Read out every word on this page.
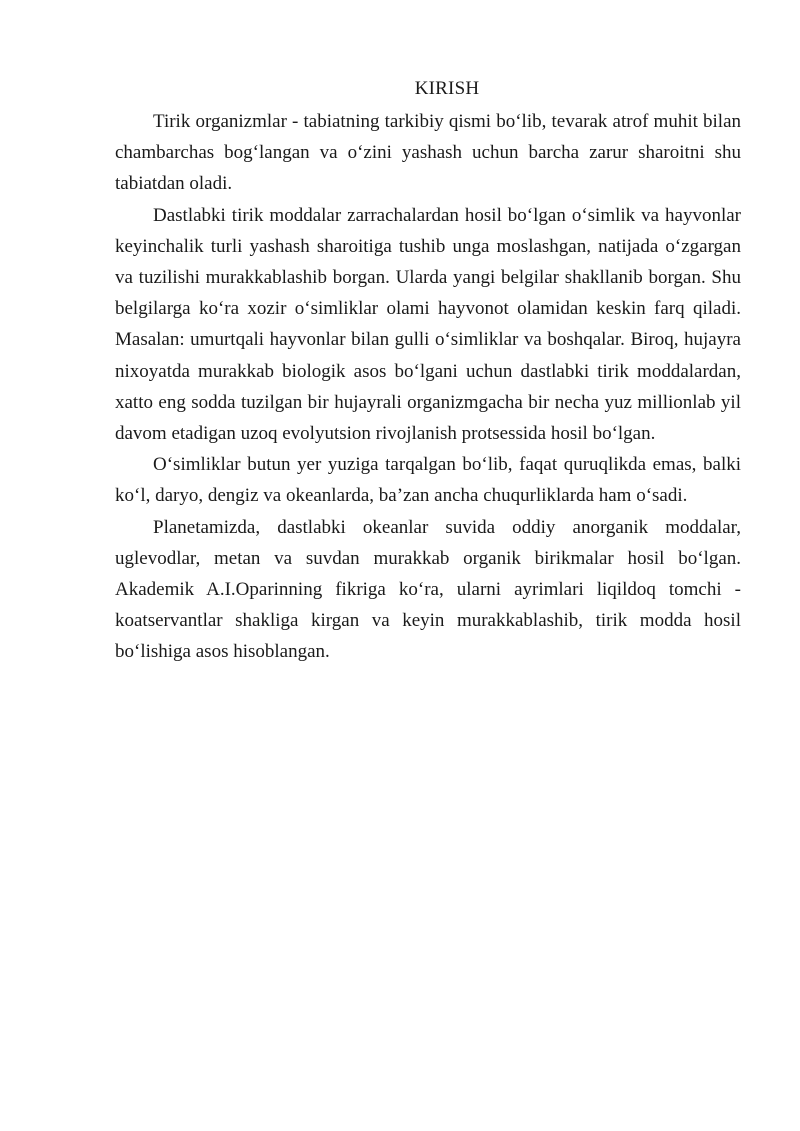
KIRISH

Tirik organizmlar - tabiatning tarkibiy qismi bo‘lib, tevarak atrof muhit bilan chambarchas bog‘langan va o‘zini yashash uchun barcha zarur sharoitni shu tabiatdan oladi.

Dastlabki tirik moddalar zarrachalardan hosil bo‘lgan o‘simlik va hayvonlar keyinchalik turli yashash sharoitiga tushib unga moslashgan, natijada o‘zgargan va tuzilishi murakkablashib borgan. Ularda yangi belgilar shakllanib borgan. Shu belgilarga ko‘ra xozir o‘simliklar olami hayvonot olamidan keskin farq qiladi. Masalan: umurtqali hayvonlar bilan gulli o‘simliklar va boshqalar. Biroq, hujayra nixoyatda murakkab biologik asos bo‘lgani uchun dastlabki tirik moddalardan, xatto eng sodda tuzilgan bir hujayrali organizmgacha bir necha yuz millionlab yil davom etadigan uzoq evolyutsion rivojlanish protsessida hosil bo‘lgan.

O‘simliklar butun yer yuziga tarqalgan bo‘lib, faqat quruqlikda emas, balki ko‘l, daryo, dengiz va okeanlarda, ba’zan ancha chuqurliklarda ham o‘sadi.

Planetamizda, dastlabki okeanlar suvida oddiy anorganik moddalar, uglevodlar, metan va suvdan murakkab organik birikmalar hosil bo‘lgan. Akademik A.I.Oparinning fikriga ko‘ra, ularni ayrimlari liqildoq tomchi - koatservantlar shakliga kirgan va keyin murakkablashib, tirik modda hosil bo‘lishiga asos hisoblangan.
